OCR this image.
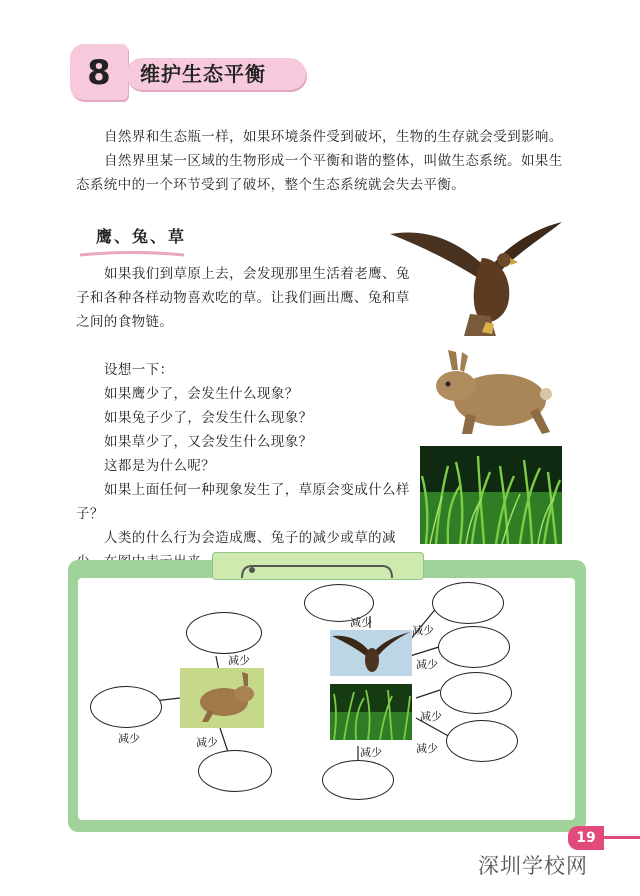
8	维护生态平衡

自然界和生态瓶一样，如果环境条件受到破坏，生物的生存就会受到影响。

自然界里某一区域的生物形成一个平衡和谐的整体，叫做生态系统。如果生态系统中的一个环节受到了破坏，整个生态系统就会失去平衡。

鹰、兔、草

如果我们到草原上去，会发现那里生活着老鹰、兔子和各种各样动物喜欢吃的草。让我们画出鹰、兔和草之间的食物链。

设想一下：
如果鹰少了，会发生什么现象？
如果兔子少了，会发生什么现象？
如果草少了，又会发生什么现象？
这都是为什么呢？
如果上面任何一种现象发生了，草原会变成什么样子？
人类的什么行为会造成鹰、兔子的减少或草的减
减少
减少	减少
减少
减少
减少
减少
减少
减少
19
深圳学校网
